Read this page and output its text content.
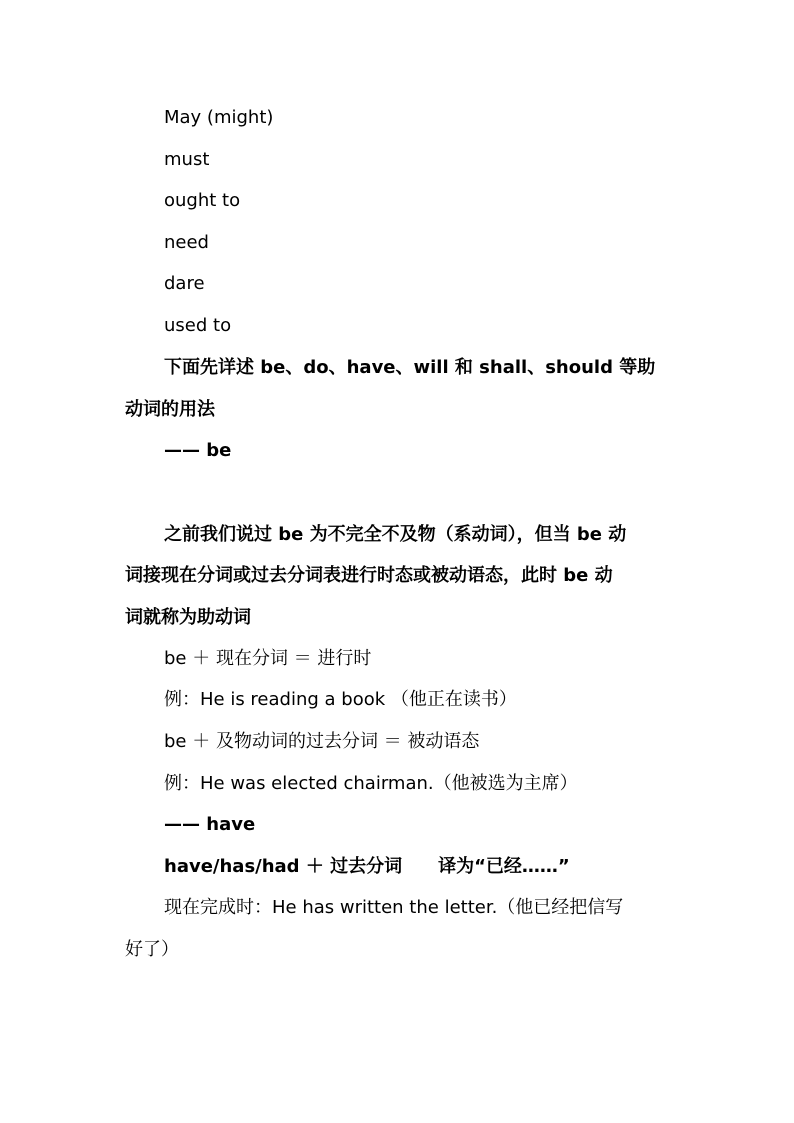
May (might)
must
ought to
need
dare
used to
下面先详述 be、do、have、will 和 shall、should 等助
动词的用法
—— be
之前我们说过 be 为不完全不及物（系动词），但当 be 动
词接现在分词或过去分词表进行时态或被动语态，此时 be 动
词就称为助动词
be ＋ 现在分词 ＝ 进行时
例：He is reading a book （他正在读书）
be ＋ 及物动词的过去分词 ＝ 被动语态
例：He was elected chairman.（他被选为主席）
—— have
have/has/had ＋ 过去分词　　译为“已经……”
现在完成时：He has written the letter.（他已经把信写
好了）
